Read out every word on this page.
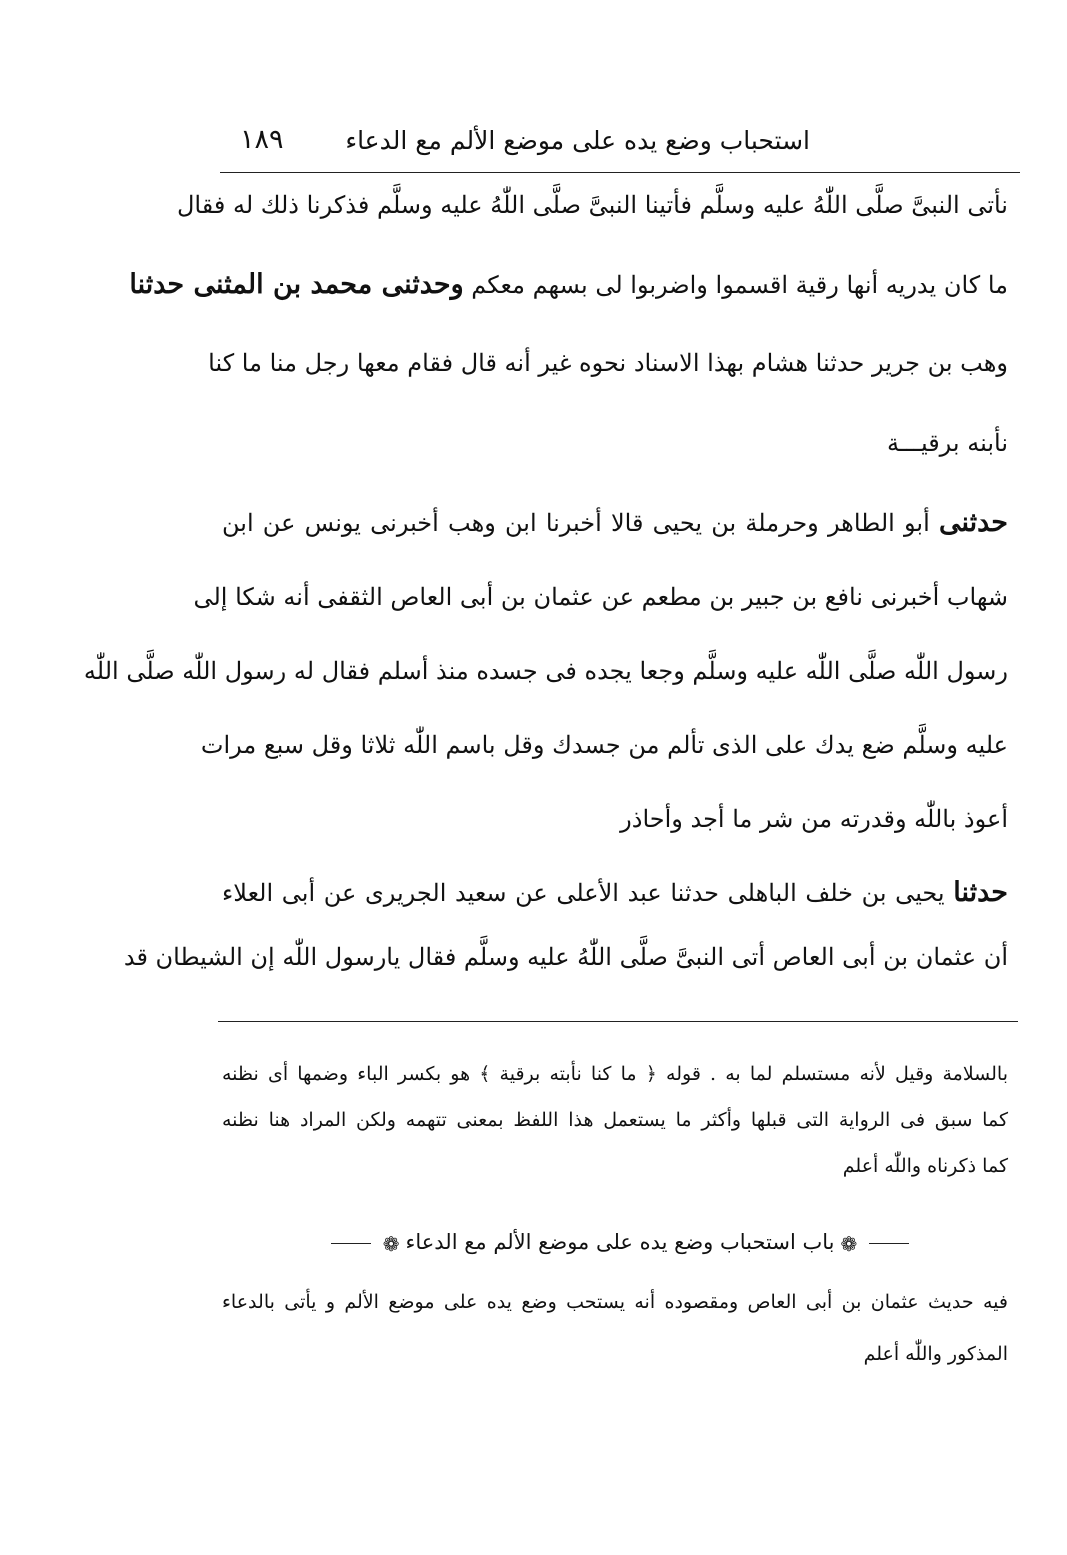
استحباب وضع يده على موضع الألم مع الدعاء
١٨٩
نأتى النبىَّ صلَّى اللّٰهُ عليه وسلَّم فأتينا النبىَّ صلَّى اللّٰهُ عليه وسلَّم فذكرنا ذلك له فقال
ما كان يدريه أنها رقية اقسموا واضربوا لى بسهم معكم وحدثنى محمد بن المثنى حدثنا
وهب بن جرير حدثنا هشام بهذا الاسناد نحوه غير أنه قال فقام معها رجل منا ما كنا
نأبنه برقيـــة
حدثنى أبو الطاهر وحرملة بن يحيى قالا أخبرنا ابن وهب أخبرنى يونس عن ابن
شهاب أخبرنى نافع بن جبير بن مطعم عن عثمان بن أبى العاص الثقفى أنه شكا إلى
رسول اللّٰه صلَّى اللّٰه عليه وسلَّم وجعا يجده فى جسده منذ أسلم فقال له رسول اللّٰه صلَّى اللّٰه
عليه وسلَّم ضع يدك على الذى تألم من جسدك وقل باسم اللّٰه ثلاثا وقل سبع مرات
أعوذ باللّٰه وقدرته من شر ما أجد وأحاذر
حدثنا يحيى بن خلف الباهلى حدثنا عبد الأعلى عن سعيد الجريرى عن أبى العلاء
أن عثمان بن أبى العاص أتى النبىَّ صلَّى اللّٰهُ عليه وسلَّم فقال يارسول اللّٰه إن الشيطان قد
بالسلامة وقيل لأنه مستسلم لما به . قوله ﴿ ما كنا نأبته برقية ﴾ هو بكسر الباء وضمها أى نظنه
كما سبق فى الرواية التى قبلها وأكثر ما يستعمل هذا اللفظ بمعنى تتهمه ولكن المراد هنا نظنه
كما ذكرناه واللّٰه أعلم
❁باب استحباب وضع يده على موضع الألم مع الدعاء❁
فيه حديث عثمان بن أبى العاص ومقصوده أنه يستحب وضع يده على موضع الألم و يأتى بالدعاء
المذكور واللّٰه أعلم
